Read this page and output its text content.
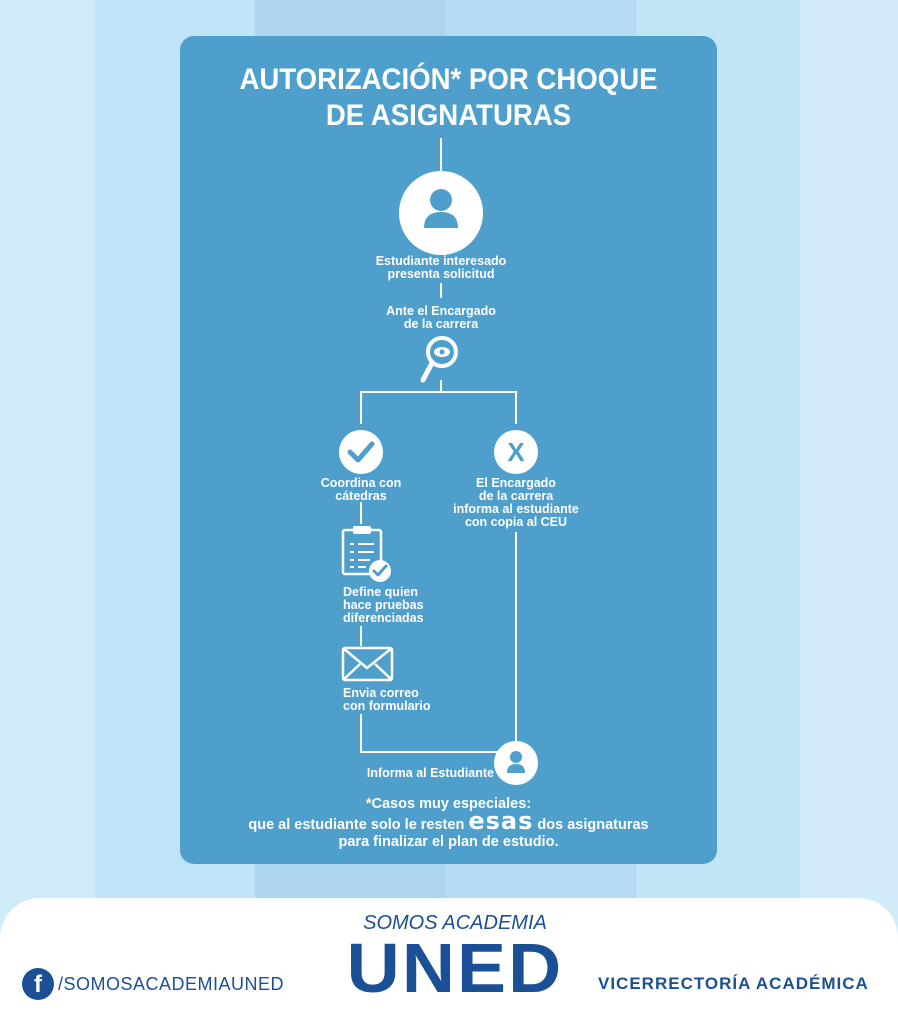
AUTORIZACIÓN* POR CHOQUE
DE ASIGNATURAS
X
Estudiante interesado
presenta solicitud
Ante el Encargado
de la carrera
Coordina con
cátedras
El Encargado
de la carrera
informa al estudiante
con copia al CEU
Define quien
hace pruebas
diferenciadas
Envia correo
con formulario
Informa al Estudiante
*Casos muy especiales:
que al estudiante solo le resten esas dos asignaturas
para finalizar el plan de estudio.
f /SOMOSACADEMIAUNED
SOMOS ACADEMIA
UNED	VICERRECTORÍA ACADÉMICA
